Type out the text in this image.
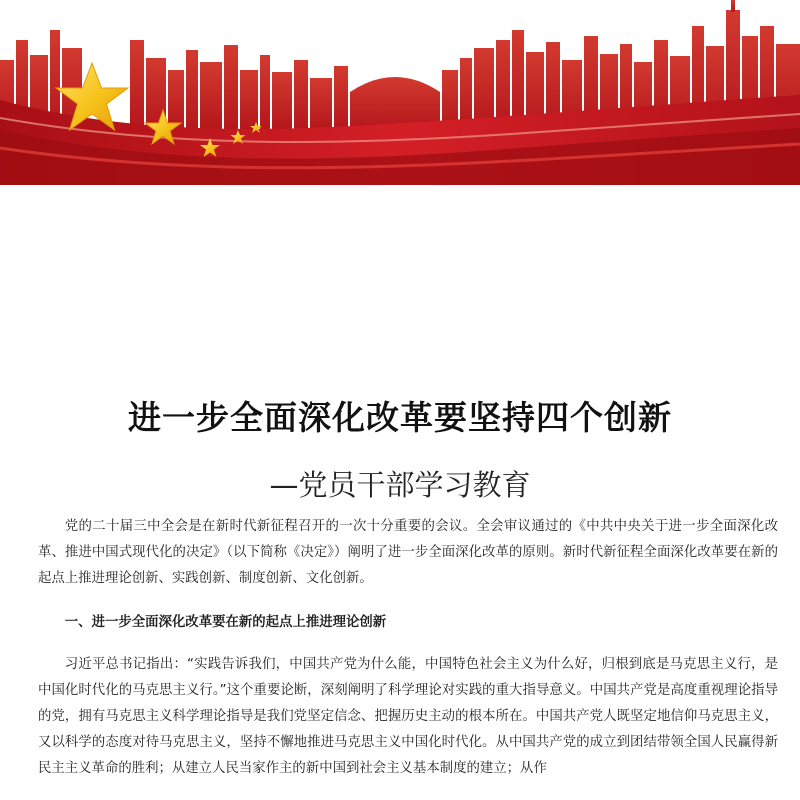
进一步全面深化改革要坚持四个创新
—党员干部学习教育

党的二十届三中全会是在新时代新征程召开的一次十分重要的会议。全会审议通过的《中共中央关于进一步全面深化改革、推进中国式现代化的决定》（以下简称《决定》）阐明了进一步全面深化改革的原则。新时代新征程全面深化改革要在新的起点上推进理论创新、实践创新、制度创新、文化创新。

一、进一步全面深化改革要在新的起点上推进理论创新

习近平总书记指出：“实践告诉我们，中国共产党为什么能，中国特色社会主义为什么好，归根到底是马克思主义行，是中国化时代化的马克思主义行。”这个重要论断，深刻阐明了科学理论对实践的重大指导意义。中国共产党是高度重视理论指导的党，拥有马克思主义科学理论指导是我们党坚定信念、把握历史主动的根本所在。中国共产党人既坚定地信仰马克思主义，又以科学的态度对待马克思主义，坚持不懈地推进马克思主义中国化时代化。从中国共产党的成立到团结带领全国人民赢得新民主主义革命的胜利；从建立人民当家作主的新中国到社会主义基本制度的建立；从作
